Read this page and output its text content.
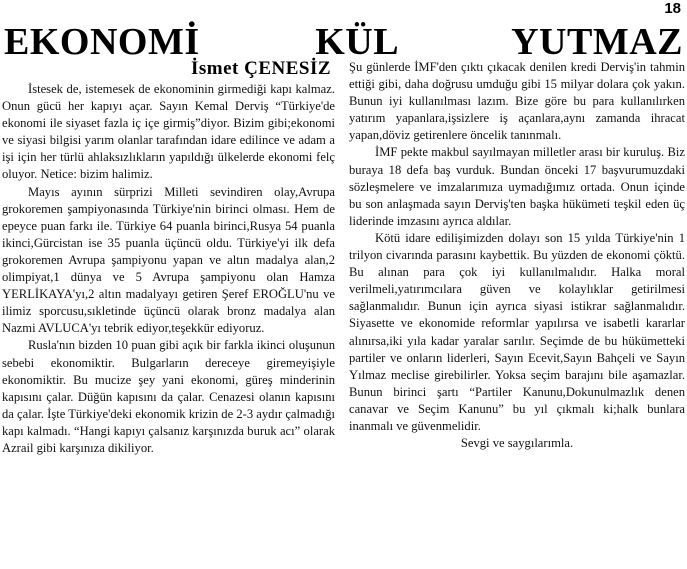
18
EKONOMİ KÜL YUTMAZ
İsmet ÇENESİZ

İstesek de, istemesek de ekonominin girmediği kapı kalmaz. Onun gücü her kapıyı açar. Sayın Kemal Derviş “Türkiye'de ekonomi ile siyaset fazla iç içe girmiş”diyor. Bizim gibi;ekonomi ve siyasi bilgisi yarım olanlar tarafından idare edilince ve adam a işi için her türlü ahlaksızlıkların yapıldığı ülkelerde ekonomi felç oluyor. Netice: bizim halimiz.

Mayıs ayının sürprizi Milleti sevindiren olay,Avrupa grokoremen şampiyonasında Türkiye'nin birinci olması. Hem de epeyce puan farkı ile. Türkiye 64 puanla birinci,Rusya 54 puanla ikinci,Gürcistan ise 35 puanla üçüncü oldu. Türkiye'yi ilk defa grokoremen Avrupa şampiyonu yapan ve altın madalya alan,2 olimpiyat,1 dünya ve 5 Avrupa şampiyonu olan Hamza YERLİKAYA'yı,2 altın madalyayı getiren Şeref EROĞLU'nu ve ilimiz sporcusu,sıkletinde üçüncü olarak bronz madalya alan Nazmi AVLUCA'yı tebrik ediyor,teşekkür ediyoruz.

Rusla'nın bizden 10 puan gibi açık bir farkla ikinci oluşunun sebebi ekonomiktir. Bulgarların dereceye giremeyişiyle ekonomiktir. Bu mucize şey yani ekonomi, güreş minderinin kapısını çalar. Düğün kapısını da çalar. Cenazesi olanın kapısını da çalar. İşte Türkiye'deki ekonomik krizin de 2-3 aydır çalmadığı kapı kalmadı. “Hangi kapıyı çalsanız karşınızda buruk acı” olarak Azrail gibi karşınıza dikiliyor.

Şu günlerde İMF'den çıktı çıkacak denilen kredi Derviş'in tahmin ettiği gibi, daha doğrusu umduğu gibi 15 milyar dolara çok yakın. Bunun iyi kullanılması lazım. Bize göre bu para kullanılırken yatırım yapanlara,işsizlere iş açanlara,aynı zamanda ihracat yapan,döviz getirenlere öncelik tanınmalı.

İMF pekte makbul sayılmayan milletler arası bir kuruluş. Biz buraya 18 defa baş vurduk. Bundan önceki 17 başvurumuzdaki sözleşmelere ve imzalarımıza uymadığımız ortada. Onun içinde bu son anlaşmada sayın Derviş'ten başka hükümeti teşkil eden üç liderinde imzasını ayrıca aldılar.

Kötü idare edilişimizden dolayı son 15 yılda Türkiye'nin 1 trilyon civarında parasını kaybettik. Bu yüzden de ekonomi çöktü. Bu alınan para çok iyi kullanılmalıdır. Halka moral verilmeli,yatırımcılara güven ve kolaylıklar getirilmesi sağlanmalıdır. Bunun için ayrıca siyasi istikrar sağlanmalıdır. Siyasette ve ekonomide reformlar yapılırsa ve isabetli kararlar alınırsa,iki yıla kadar yaralar sarılır. Seçimde de bu hükümetteki partiler ve onların liderleri, Sayın Ecevit,Sayın Bahçeli ve Sayın Yılmaz meclise girebilirler. Yoksa seçim barajını bile aşamazlar. Bunun birinci şartı “Partiler Kanunu,Dokunulmazlık denen canavar ve Seçim Kanunu” bu yıl çıkmalı ki;halk bunlara inanmalı ve güvenmelidir.

Sevgi ve saygılarımla.
